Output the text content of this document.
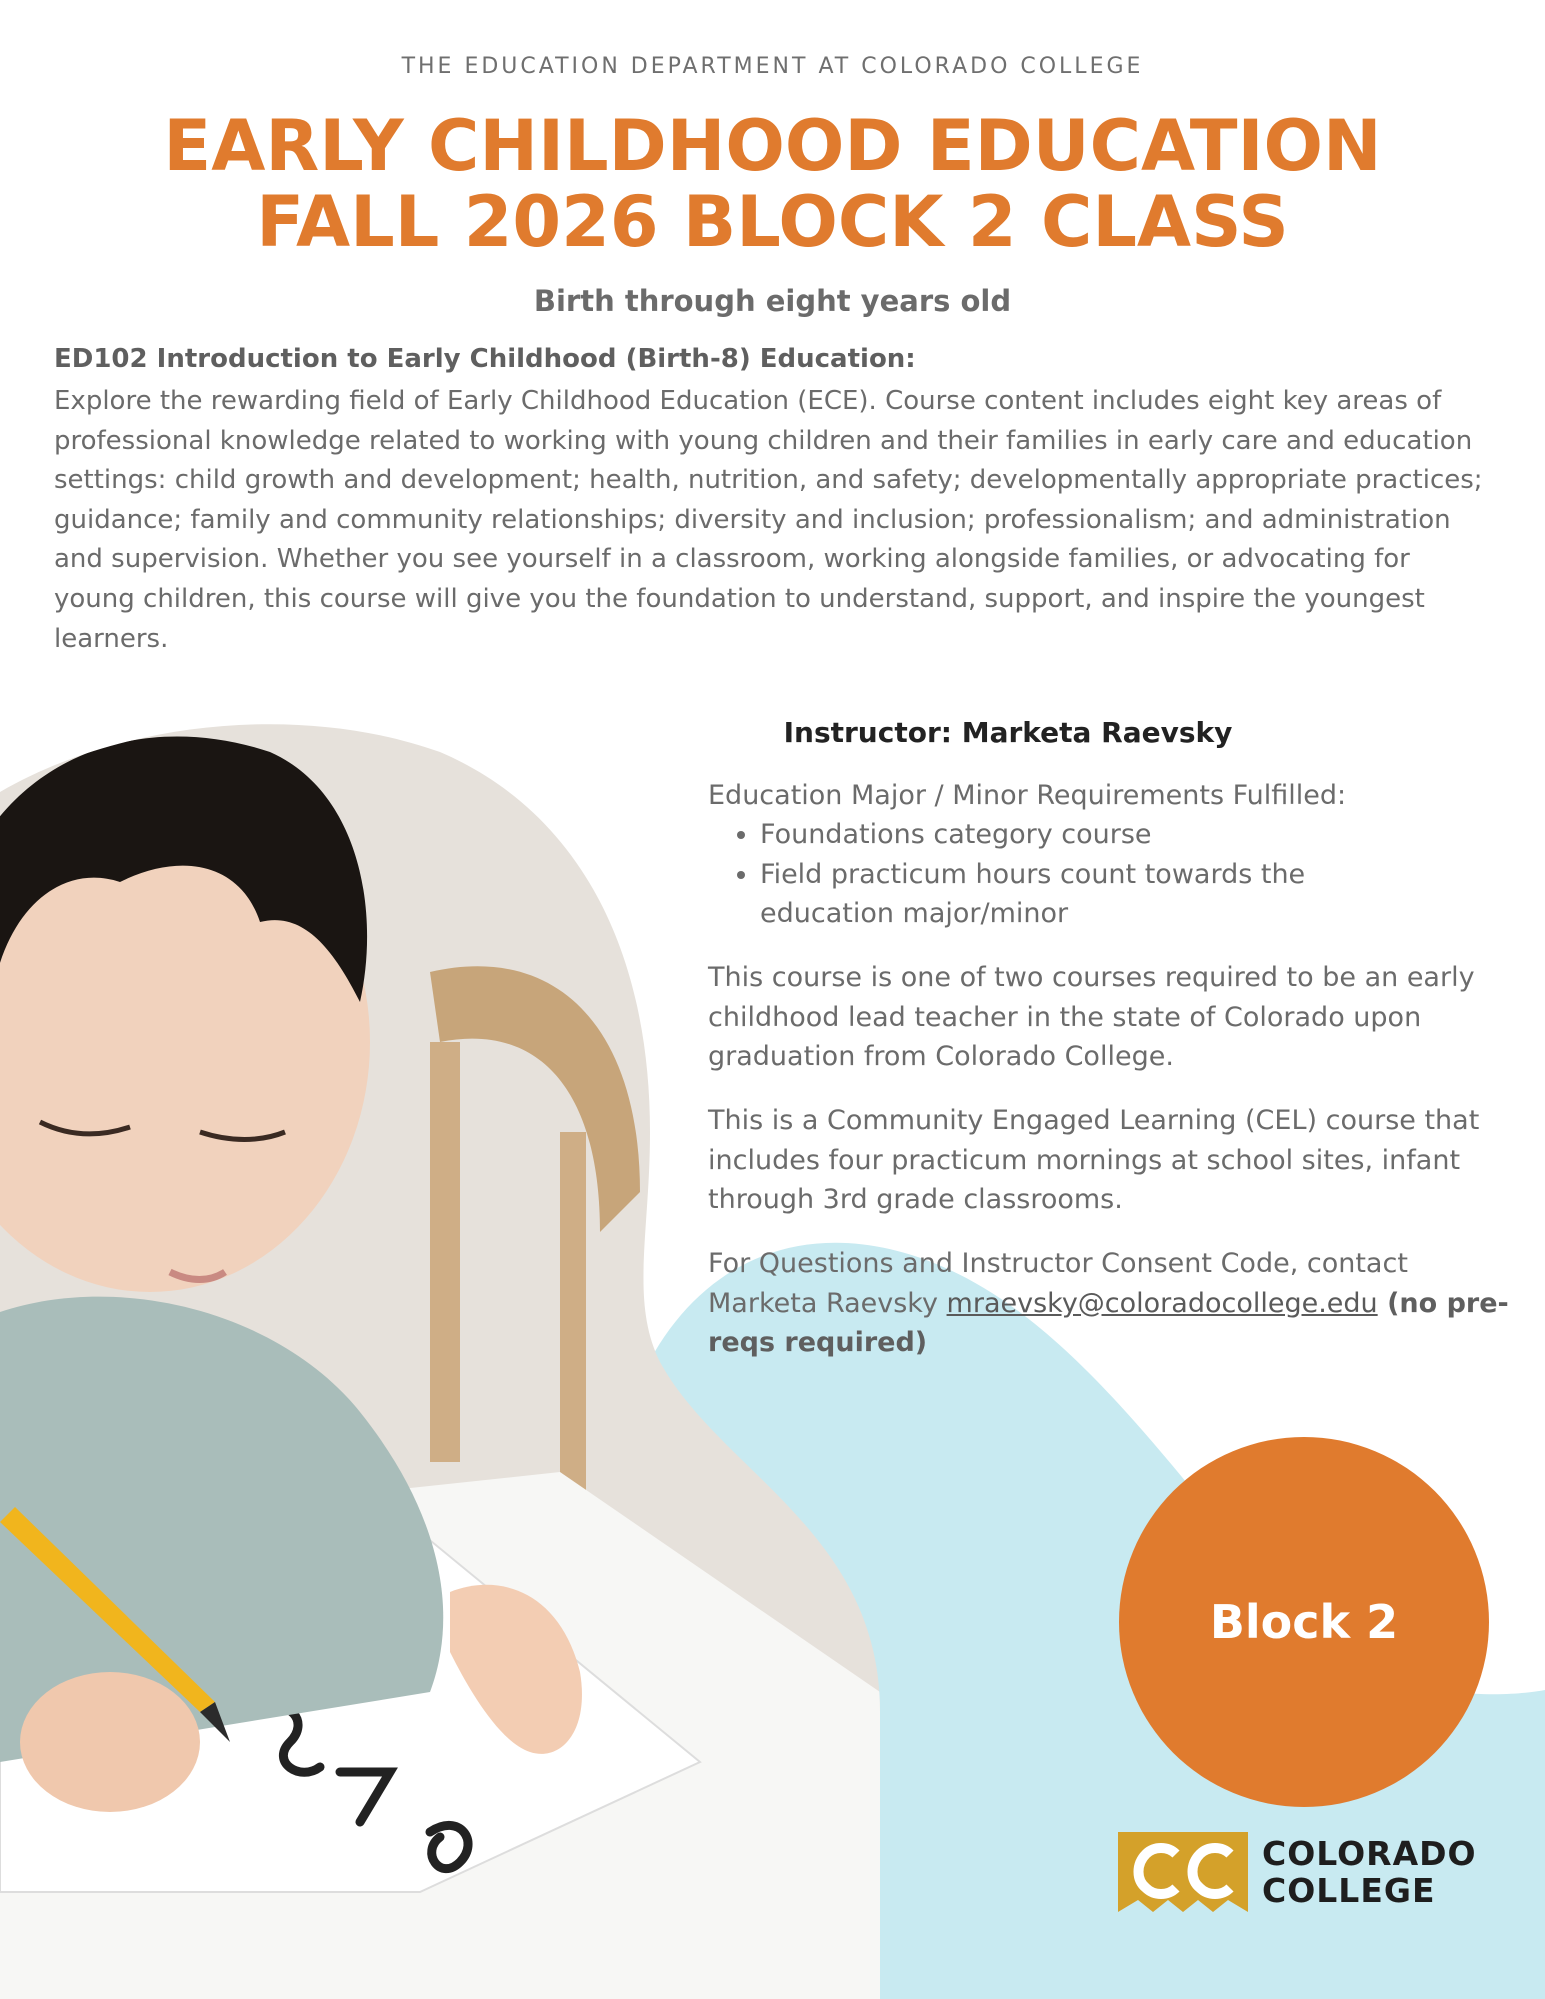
THE EDUCATION DEPARTMENT AT COLORADO COLLEGE
EARLY CHILDHOOD EDUCATION
FALL 2026 BLOCK 2 CLASS
Birth through eight years old
ED102 Introduction to Early Childhood (Birth-8) Education:
Explore the rewarding field of Early Childhood Education (ECE). Course content includes eight key areas of professional knowledge related to working with young children and their families in early care and education settings: child growth and development; health, nutrition, and safety; developmentally appropriate practices; guidance; family and community relationships; diversity and inclusion; professionalism; and administration and supervision. Whether you see yourself in a classroom, working alongside families, or advocating for young children, this course will give you the foundation to understand, support, and inspire the youngest learners.
Instructor: Marketa Raevsky
Education Major / Minor Requirements Fulfilled:
• Foundations category course
• Field practicum hours count towards the education major/minor
This course is one of two courses required to be an early childhood lead teacher in the state of Colorado upon graduation from Colorado College.
This is a Community Engaged Learning (CEL) course that includes four practicum mornings at school sites, infant through 3rd grade classrooms.
For Questions and Instructor Consent Code, contact Marketa Raevsky mraevsky@coloradocollege.edu (no pre-reqs required)
Block 2
COLORADO
COLLEGE
